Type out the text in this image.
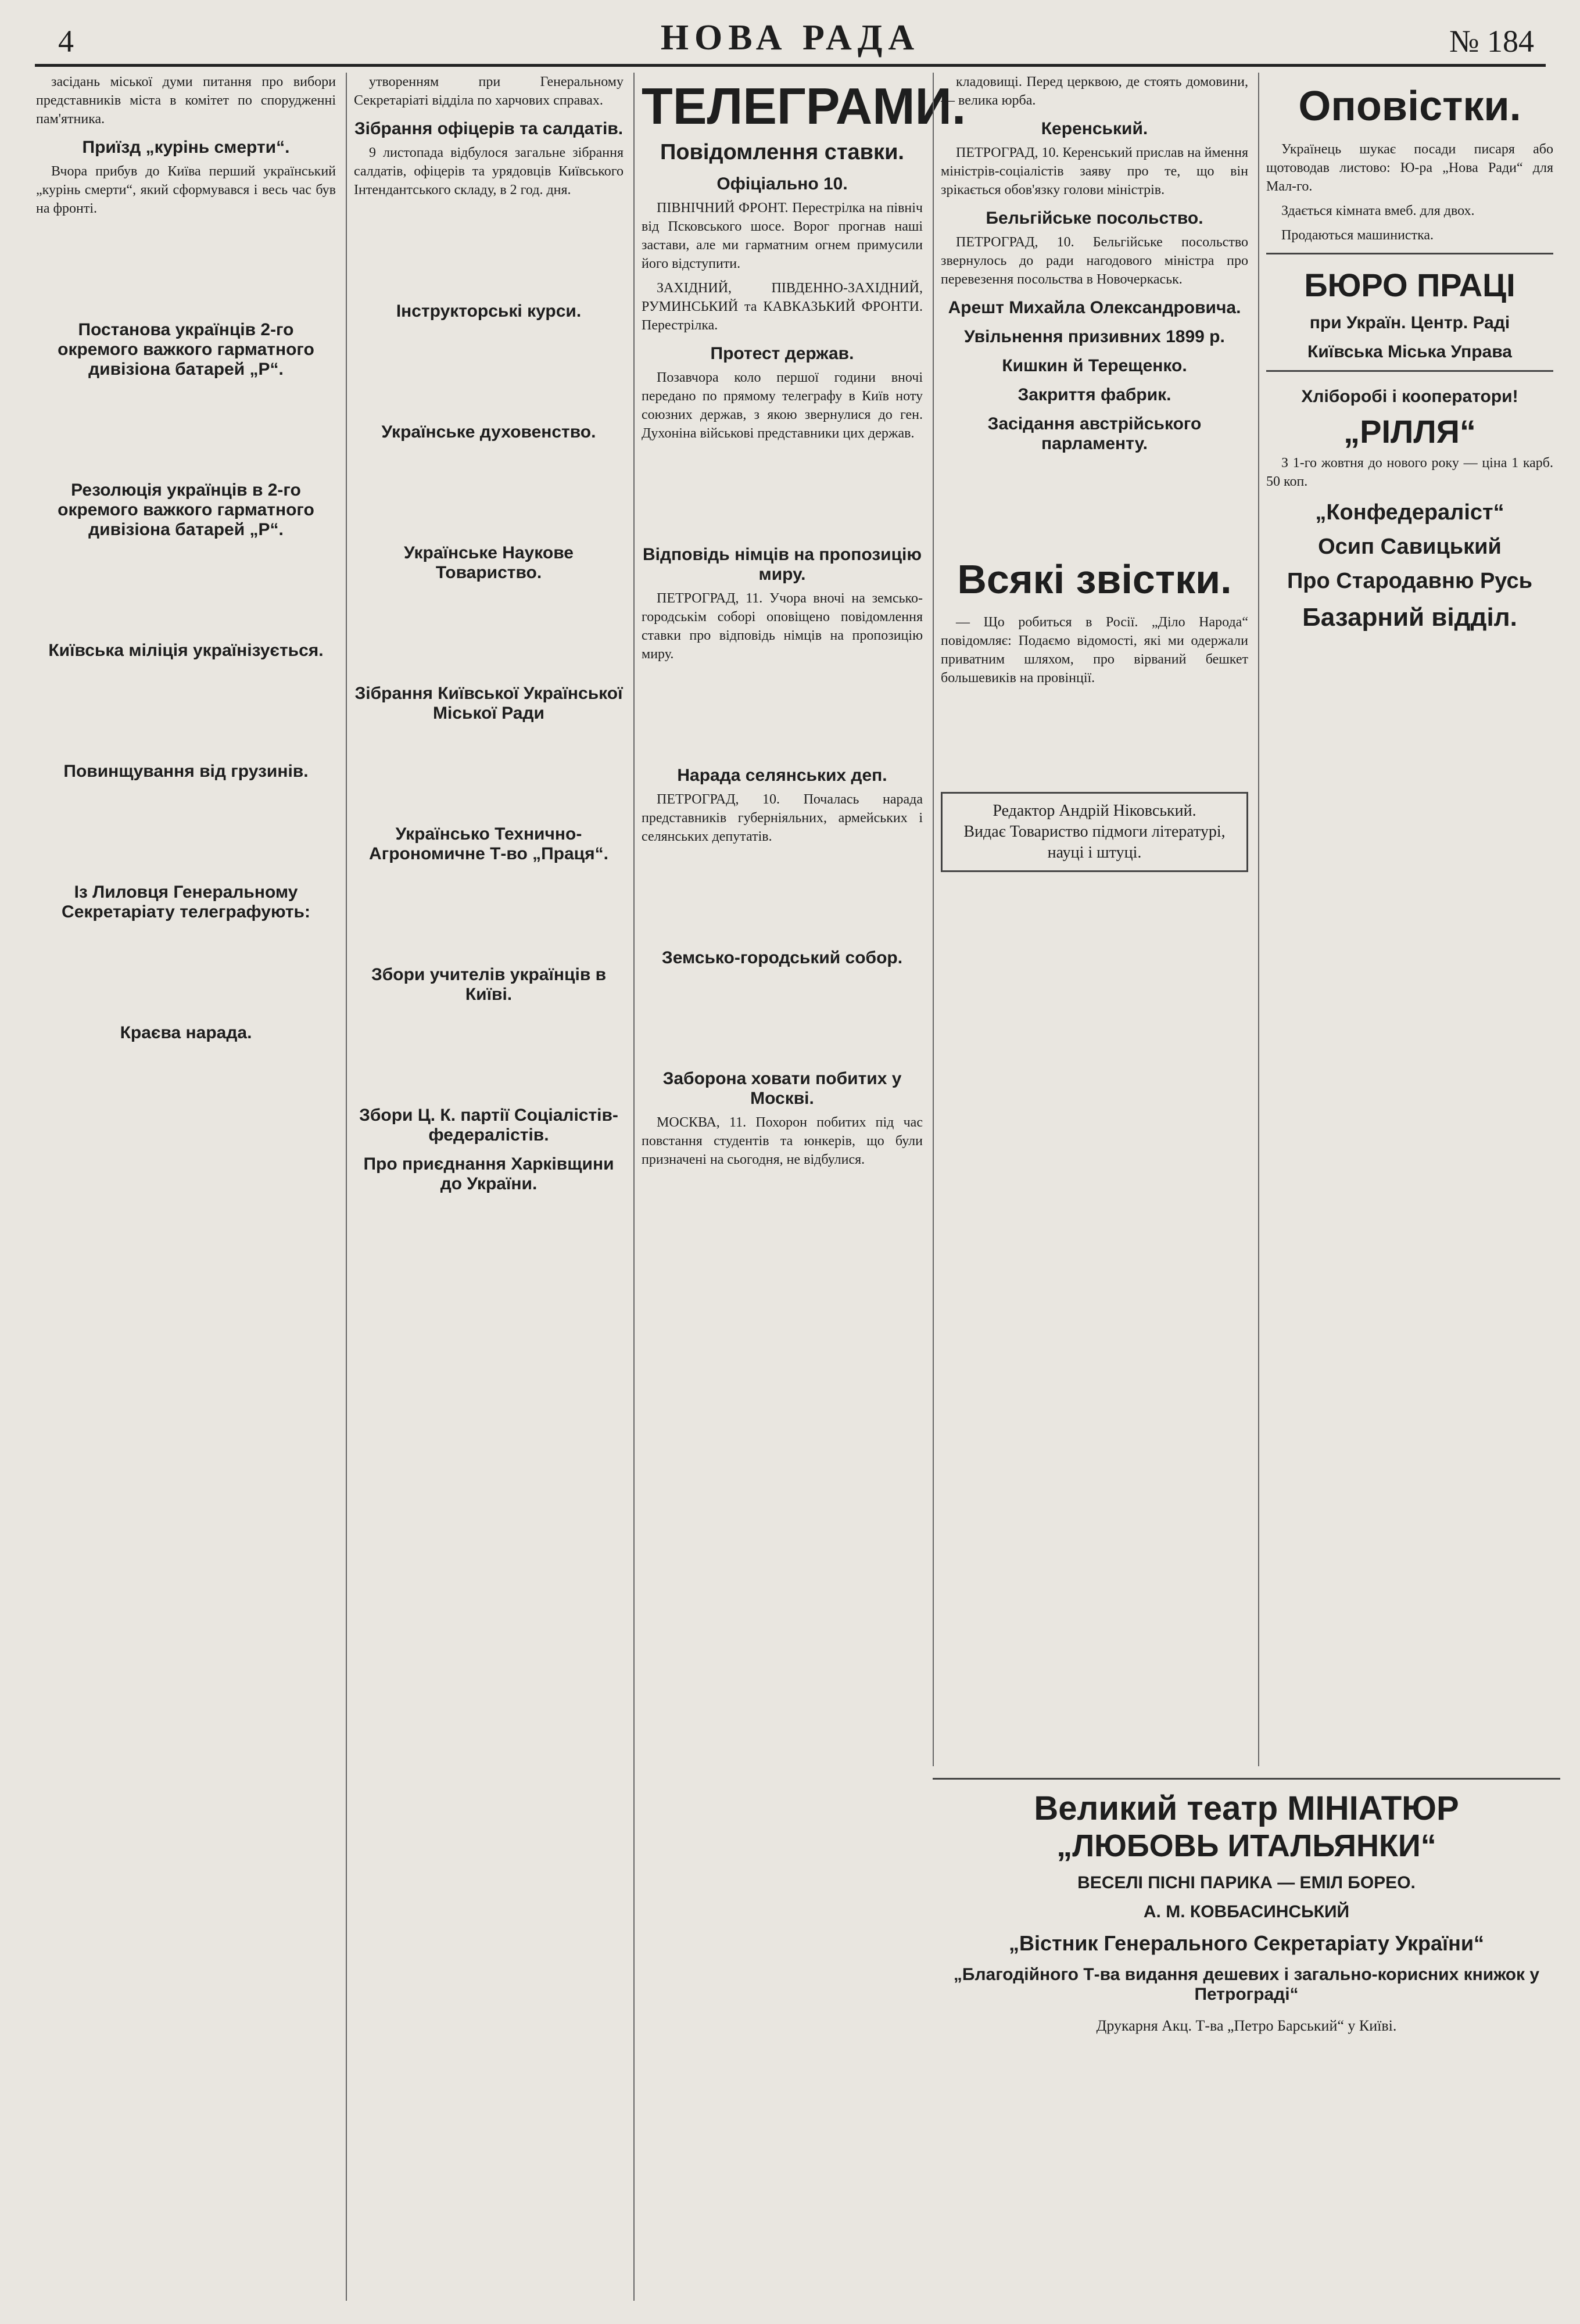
4	НОВА РАДА	№ 184

засідань міської думи питання про вибори представників міста в комітет по спорудженні пам'ятника.

Приїзд „курінь смерти“.

Вчора прибув до Київа перший український „курінь смерти“, який сформувався і весь час був на фронті.

Постанова українців 2-го окремого важкого гарматного дивізіона батарей „Р“.
Резолюція українців в 2-го окремого важкого гарматного дивізіона батарей „Р“.
Київська міліція українізується.
Повинщування від грузинів.
Із Лиловця Генеральному Секретаріату телеграфують:
Краєва нарада.

утворенням при Генеральному Секретаріаті відділа по харчових справах.

Зібрання офіцерів та салдатів.

9 листопада відбулося загальне зібрання салдатів, офіцерів та урядовців Київського Інтендантського складу, в 2 год. дня.

Інструкторські курси.
Українське духовенство.
Українське Наукове Товариство.
Зібрання Київської Української Міської Ради
Українсько Технично-Агрономичне Т-во „Праця“.
Збори учителів українців в Київі.
Збори Ц. К. партії Соціалістів-федералістів.
Про приєднання Харківщини до України.
ТЕЛЕГРАМИ.
Повідомлення ставки.
Офіціально 10.

ПІВНІЧНИЙ ФРОНТ. Перестрілка на північ від Псковського шосе. Ворог прогнав наші застави, але ми гарматним огнем примусили його відступити.

ЗАХІДНИЙ, ПІВДЕННО-ЗАХІДНИЙ, РУМИНСЬКИЙ та КАВКАЗЬКИЙ ФРОНТИ. Перестрілка.

Протест держав.

Позавчора коло першої години вночі передано по прямому телеграфу в Київ ноту союзних держав, з якою звернулися до ген. Духоніна військові представники цих держав.

Відповідь німців на пропозицію миру.

ПЕТРОГРАД, 11. Учора вночі на земсько-городськім соборі оповіщено повідомлення ставки про відповідь німців на пропозицію миру.

Нарада селянських деп.

ПЕТРОГРАД, 10. Почалась нарада представників губерніяльних, армейських і селянських депутатів.

Земсько-городський собор.
Заборона ховати побитих у Москві.

МОСКВА, 11. Похорон побитих під час повстання студентів та юнкерів, що були призначені на сьогодня, не відбулися.

кладовищі. Перед церквою, де стоять домовини, — велика юрба.

Керенський.

ПЕТРОГРАД, 10. Керенський прислав на ймення міністрів-соціалістів заяву про те, що він зрікається обов'язку голови міністрів.

Бельгійське посольство.

ПЕТРОГРАД, 10. Бельгійське посольство звернулось до ради нагодового міністра про перевезення посольства в Новочеркаськ.

Арешт Михайла Олександровича.
Увільнення призивних 1899 р.
Кишкин й Терещенко.
Закриття фабрик.
Засідання австрійського парламенту.
Всякі звістки.

— Що робиться в Росії. „Діло Народа“ повідомляє: Подаємо відомості, які ми одержали приватним шляхом, про вірваний бешкет большевиків на провінції.

Редактор Андрій Ніковський.
Видає Товариство підмоги літературі, науці і штуці.
Оповістки.

Українець шукає посади писаря або щотоводав листово: Ю-ра „Нова Ради“ для Мал-го.

Здається кімната вмеб. для двох.

Продаються машинистка.

БЮРО ПРАЦІ
при Україн. Центр. Раді
Київська Міська Управа
Хліборобі і кооператори!
„РІЛЛЯ“

З 1-го жовтня до нового року — ціна 1 карб. 50 коп.

„Конфедераліст“
Осип Савицький
Про Стародавню Русь
Базарний відділ.
Великий театр МІНІАТЮР
„ЛЮБОВЬ ИТАЛЬЯНКИ“
ВЕСЕЛІ ПІСНІ ПАРИКА — ЕМІЛ БОРЕО.
А. М. КОВБАСИНСЬКИЙ
„Вістник Генерального Секретаріату України“
„Благодійного Т-ва видання дешевих і загально-корисних книжок у Петрограді“
Друкарня Акц. Т-ва „Петро Барський“ у Київі.
